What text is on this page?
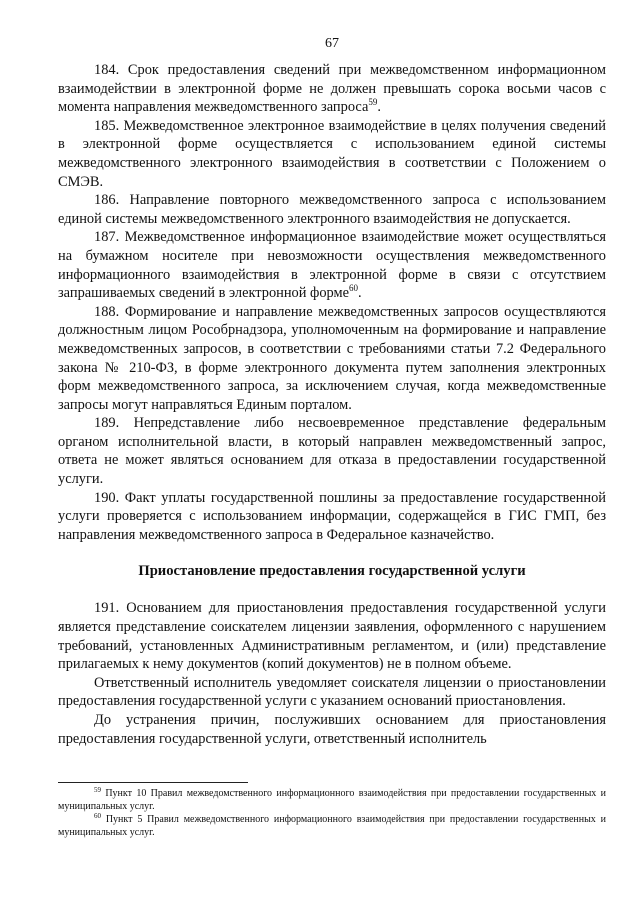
67

184. Срок предоставления сведений при межведомственном информационном взаимодействии в электронной форме не должен превышать сорока восьми часов с момента направления межведомственного запроса$^{59}$.

185. Межведомственное электронное взаимодействие в целях получения сведений в электронной форме осуществляется с использованием единой системы межведомственного электронного взаимодействия в соответствии с Положением о СМЭВ.

186. Направление повторного межведомственного запроса с использованием единой системы межведомственного электронного взаимодействия не допускается.

187. Межведомственное информационное взаимодействие может осуществляться на бумажном носителе при невозможности осуществления межведомственного информационного взаимодействия в электронной форме в связи с отсутствием запрашиваемых сведений в электронной форме$^{60}$.

188. Формирование и направление межведомственных запросов осуществляются должностным лицом Рособрнадзора, уполномоченным на формирование и направление межведомственных запросов, в соответствии с требованиями статьи 7.2 Федерального закона № 210-ФЗ, в форме электронного документа путем заполнения электронных форм межведомственного запроса, за исключением случая, когда межведомственные запросы могут направляться Единым порталом.

189. Непредставление либо несвоевременное представление федеральным органом исполнительной власти, в который направлен межведомственный запрос, ответа не может являться основанием для отказа в предоставлении государственной услуги.

190. Факт уплаты государственной пошлины за предоставление государственной услуги проверяется с использованием информации, содержащейся в ГИС ГМП, без направления межведомственного запроса в Федеральное казначейство.

Приостановление предоставления государственной услуги

191. Основанием для приостановления предоставления государственной услуги является представление соискателем лицензии заявления, оформленного с нарушением требований, установленных Административным регламентом, и (или) представление прилагаемых к нему документов (копий документов) не в полном объеме.

Ответственный исполнитель уведомляет соискателя лицензии о приостановлении предоставления государственной услуги с указанием оснований приостановления.

До устранения причин, послуживших основанием для приостановления предоставления государственной услуги, ответственный исполнитель

$^{59}$ Пункт 10 Правил межведомственного информационного взаимодействия при предоставлении государственных и муниципальных услуг.

$^{60}$ Пункт 5 Правил межведомственного информационного взаимодействия при предоставлении государственных и муниципальных услуг.
